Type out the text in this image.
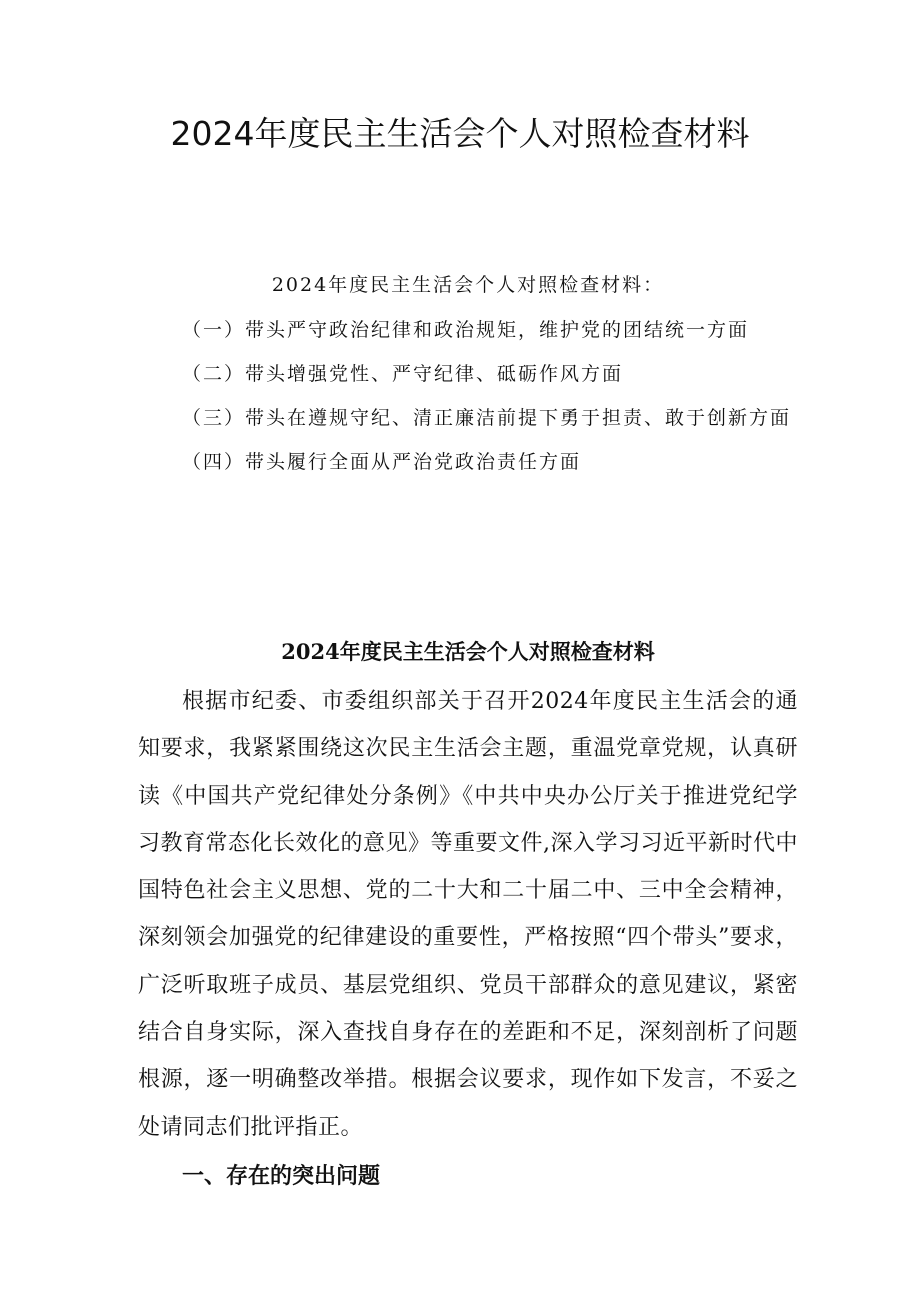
2024年度民主生活会个人对照检查材料

2024年度民主生活会个人对照检查材料：

（一）带头严守政治纪律和政治规矩，维护党的团结统一方面

（二）带头增强党性、严守纪律、砥砺作风方面

（三）带头在遵规守纪、清正廉洁前提下勇于担责、敢于创新方面

（四）带头履行全面从严治党政治责任方面

2024年度民主生活会个人对照检查材料

根据市纪委、市委组织部关于召开2024年度民主生活会的通知要求，我紧紧围绕这次民主生活会主题，重温党章党规，认真研读《中国共产党纪律处分条例》《中共中央办公厅关于推进党纪学习教育常态化长效化的意见》等重要文件,深入学习习近平新时代中国特色社会主义思想、党的二十大和二十届二中、三中全会精神，深刻领会加强党的纪律建设的重要性，严格按照“四个带头”要求，广泛听取班子成员、基层党组织、党员干部群众的意见建议，紧密结合自身实际，深入查找自身存在的差距和不足，深刻剖析了问题根源，逐一明确整改举措。根据会议要求，现作如下发言，不妥之处请同志们批评指正。

一、存在的突出问题
